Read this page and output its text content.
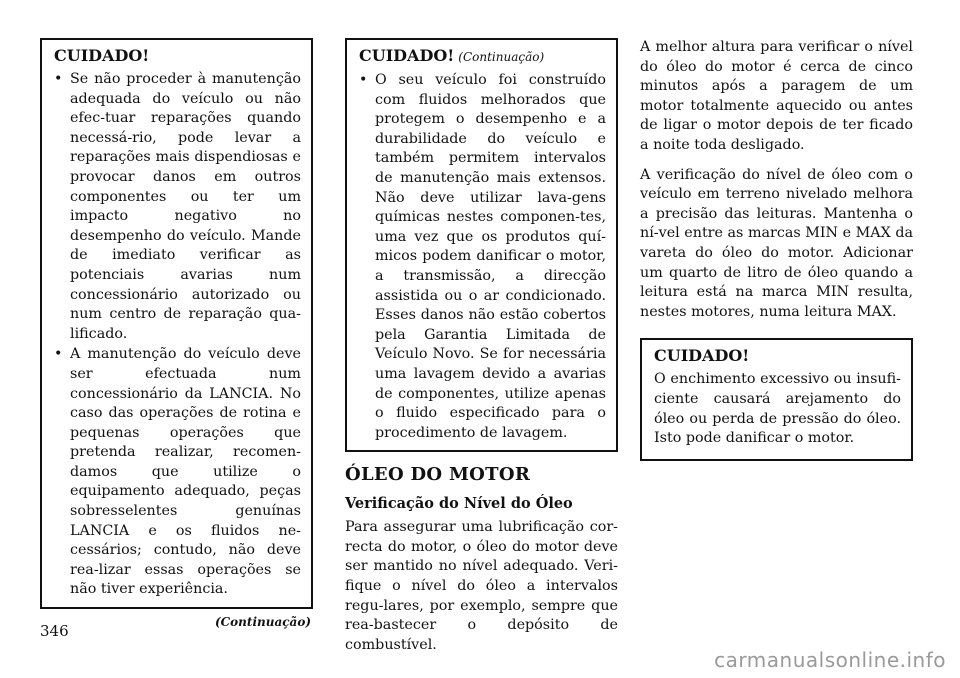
CUIDADO!
• Se não proceder à manutenção adequada do veículo ou não efec-tuar reparações quando necessá-rio, pode levar a reparações mais dispendiosas e provocar danos em outros componentes ou ter um impacto negativo no desempenho do veículo. Mande de imediato verificar as potenciais avarias num concessionário autorizado ou num centro de reparação qua-lificado.
• A manutenção do veículo deve ser efectuada num concessionário da LANCIA. No caso das operações de rotina e pequenas operações que pretenda realizar, recomen-damos que utilize o equipamento adequado, peças sobresselentes genuínas LANCIA e os fluidos ne-cessários; contudo, não deve rea-lizar essas operações se não tiver experiência.
(Continuação)
CUIDADO! (Continuação)
• O seu veículo foi construído com fluidos melhorados que protegem o desempenho e a durabilidade do veículo e também permitem intervalos de manutenção mais extensos. Não deve utilizar lava-gens químicas nestes componen-tes, uma vez que os produtos quí-micos podem danificar o motor, a transmissão, a direcção assistida ou o ar condicionado. Esses danos não estão cobertos pela Garantia Limitada de Veículo Novo. Se for necessária uma lavagem devido a avarias de componentes, utilize apenas o fluido especificado para o procedimento de lavagem.
ÓLEO DO MOTOR
Verificação do Nível do Óleo

Para assegurar uma lubrificação cor-recta do motor, o óleo do motor deve ser mantido no nível adequado. Veri-fique o nível do óleo a intervalos regu-lares, por exemplo, sempre que rea-bastecer o depósito de combustível.

A melhor altura para verificar o nível do óleo do motor é cerca de cinco minutos após a paragem de um motor totalmente aquecido ou antes de ligar o motor depois de ter ficado a noite toda desligado.

A verificação do nível de óleo com o veículo em terreno nivelado melhora a precisão das leituras. Mantenha o ní-vel entre as marcas MIN e MAX da vareta do óleo do motor. Adicionar um quarto de litro de óleo quando a leitura está na marca MIN resulta, nestes motores, numa leitura MAX.

CUIDADO!

O enchimento excessivo ou insufi-ciente causará arejamento do óleo ou perda de pressão do óleo. Isto pode danificar o motor.

346
carmanualsonline.info
